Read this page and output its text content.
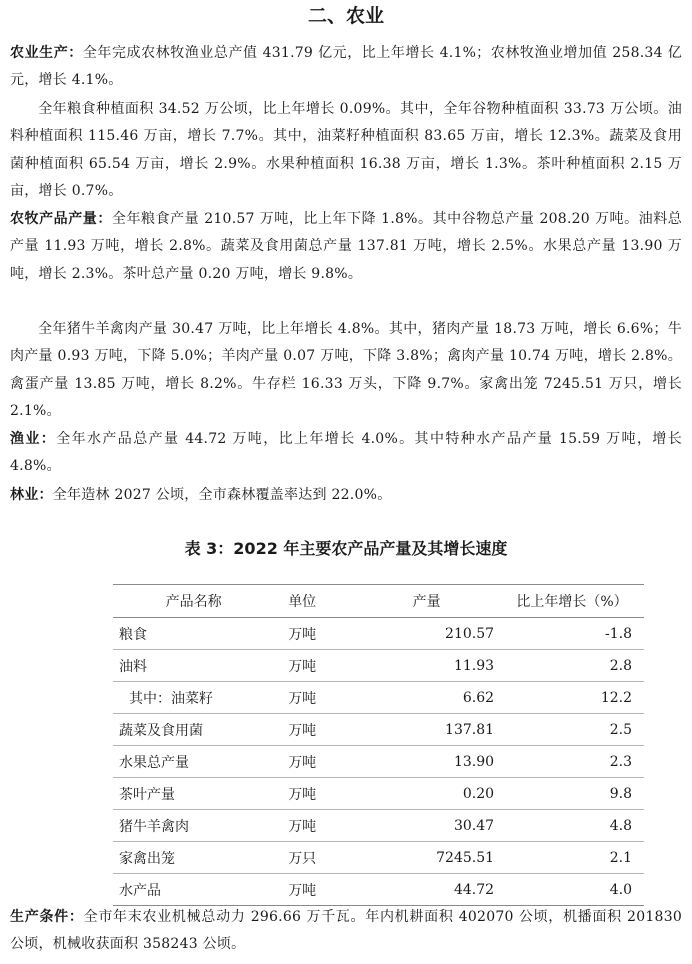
二、农业

农业生产：全年完成农林牧渔业总产值 431.79 亿元，比上年增长 4.1%；农林牧渔业增加值 258.34 亿元，增长 4.1%。

全年粮食种植面积 34.52 万公顷，比上年增长 0.09%。其中，全年谷物种植面积 33.73 万公顷。油料种植面积 115.46 万亩，增长 7.7%。其中，油菜籽种植面积 83.65 万亩，增长 12.3%。蔬菜及食用菌种植面积 65.54 万亩，增长 2.9%。水果种植面积 16.38 万亩，增长 1.3%。茶叶种植面积 2.15 万亩，增长 0.7%。

农牧产品产量：全年粮食产量 210.57 万吨，比上年下降 1.8%。其中谷物总产量 208.20 万吨。油料总产量 11.93 万吨，增长 2.8%。蔬菜及食用菌总产量 137.81 万吨，增长 2.5%。水果总产量 13.90 万吨，增长 2.3%。茶叶总产量 0.20 万吨，增长 9.8%。

全年猪牛羊禽肉产量 30.47 万吨，比上年增长 4.8%。其中，猪肉产量 18.73 万吨，增长 6.6%；牛肉产量 0.93 万吨，下降 5.0%；羊肉产量 0.07 万吨，下降 3.8%；禽肉产量 10.74 万吨，增长 2.8%。禽蛋产量 13.85 万吨，增长 8.2%。牛存栏 16.33 万头，下降 9.7%。家禽出笼 7245.51 万只，增长 2.1%。

渔业：全年水产品总产量 44.72 万吨，比上年增长 4.0%。其中特种水产品产量 15.59 万吨，增长 4.8%。

林业：全年造林 2027 公顷，全市森林覆盖率达到 22.0%。

表 3：2022 年主要农产品产量及其增长速度
产品名称	单位	产量	比上年增长（%）
粮食	万吨	210.57	-1.8
油料	万吨	11.93	2.8
其中：油菜籽	万吨	6.62	12.2
蔬菜及食用菌	万吨	137.81	2.5
水果总产量	万吨	13.90	2.3
茶叶产量	万吨	0.20	9.8
猪牛羊禽肉	万吨	30.47	4.8
家禽出笼	万只	7245.51	2.1
水产品	万吨	44.72	4.0

生产条件：全市年末农业机械总动力 296.66 万千瓦。年内机耕面积 402070 公顷，机播面积 201830 公顷，机械收获面积 358243 公顷。
